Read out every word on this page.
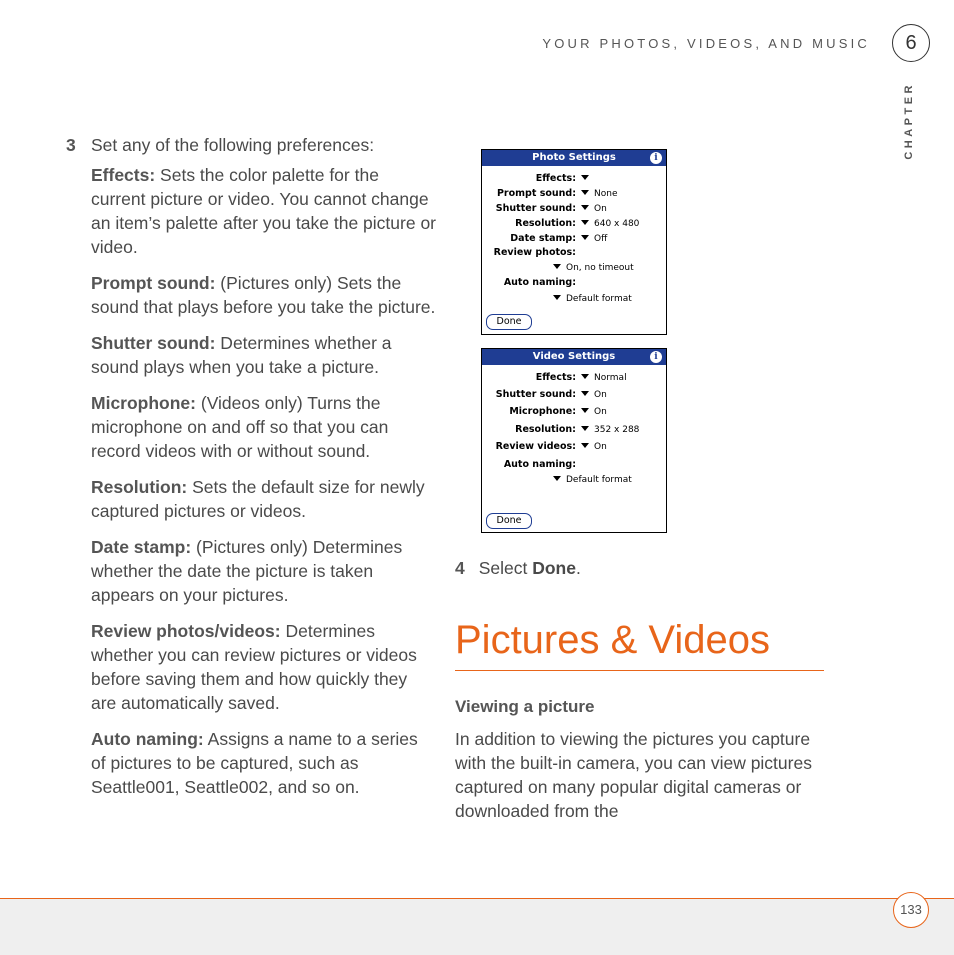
YOUR PHOTOS, VIDEOS, AND MUSIC	6
CHAPTER
3 Set any of the following preferences:
Effects: Sets the color palette for the current picture or video. You cannot change an item’s palette after you take the picture or video.
Prompt sound: (Pictures only) Sets the sound that plays before you take the picture.
Shutter sound: Determines whether a sound plays when you take a picture.
Microphone: (Videos only) Turns the microphone on and off so that you can record videos with or without sound.
Resolution: Sets the default size for newly captured pictures or videos.
Date stamp: (Pictures only) Determines whether the date the picture is taken appears on your pictures.
Review photos/videos: Determines whether you can review pictures or videos before saving them and how quickly they are automatically saved.
Auto naming: Assigns a name to a series of pictures to be captured, such as Seattle001, Seattle002, and so on.
Photo Settings	i
Effects:
Prompt sound:	None
Shutter sound:	On
Resolution:	640 x 480
Date stamp:	Off
Review photos:
On, no timeout
Auto naming:
Default format
Done
Video Settings	i
Effects:	Normal
Shutter sound:	On
Microphone:	On
Resolution:	352 x 288
Review videos:	On
Auto naming:
Default format
Done
4 Select Done.
Pictures & Videos
Viewing a picture
In addition to viewing the pictures you capture with the built-in camera, you can view pictures captured on many popular digital cameras or downloaded from the
133
